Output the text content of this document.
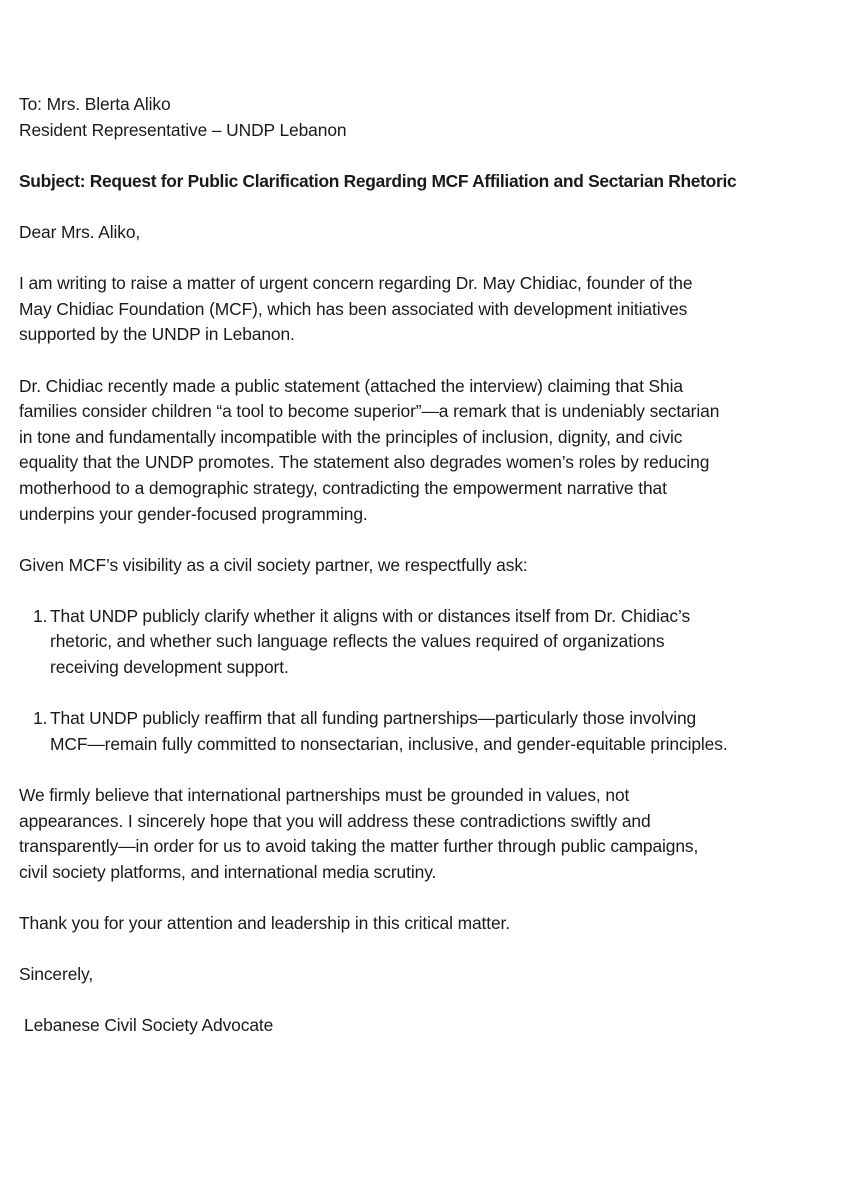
To: Mrs. Blerta Aliko
Resident Representative – UNDP Lebanon
Subject: Request for Public Clarification Regarding MCF Affiliation and Sectarian Rhetoric
Dear Mrs. Aliko,
I am writing to raise a matter of urgent concern regarding Dr. May Chidiac, founder of the
May Chidiac Foundation (MCF), which has been associated with development initiatives
supported by the UNDP in Lebanon.
Dr. Chidiac recently made a public statement (attached the interview) claiming that Shia
families consider children “a tool to become superior”—a remark that is undeniably sectarian
in tone and fundamentally incompatible with the principles of inclusion, dignity, and civic
equality that the UNDP promotes. The statement also degrades women’s roles by reducing
motherhood to a demographic strategy, contradicting the empowerment narrative that
underpins your gender-focused programming.
Given MCF’s visibility as a civil society partner, we respectfully ask:
1. That UNDP publicly clarify whether it aligns with or distances itself from Dr. Chidiac’s
rhetoric, and whether such language reflects the values required of organizations
receiving development support.
1. That UNDP publicly reaffirm that all funding partnerships—particularly those involving
MCF—remain fully committed to nonsectarian, inclusive, and gender-equitable principles.
We firmly believe that international partnerships must be grounded in values, not
appearances. I sincerely hope that you will address these contradictions swiftly and
transparently—in order for us to avoid taking the matter further through public campaigns,
civil society platforms, and international media scrutiny.
Thank you for your attention and leadership in this critical matter.
Sincerely,
Lebanese Civil Society Advocate
